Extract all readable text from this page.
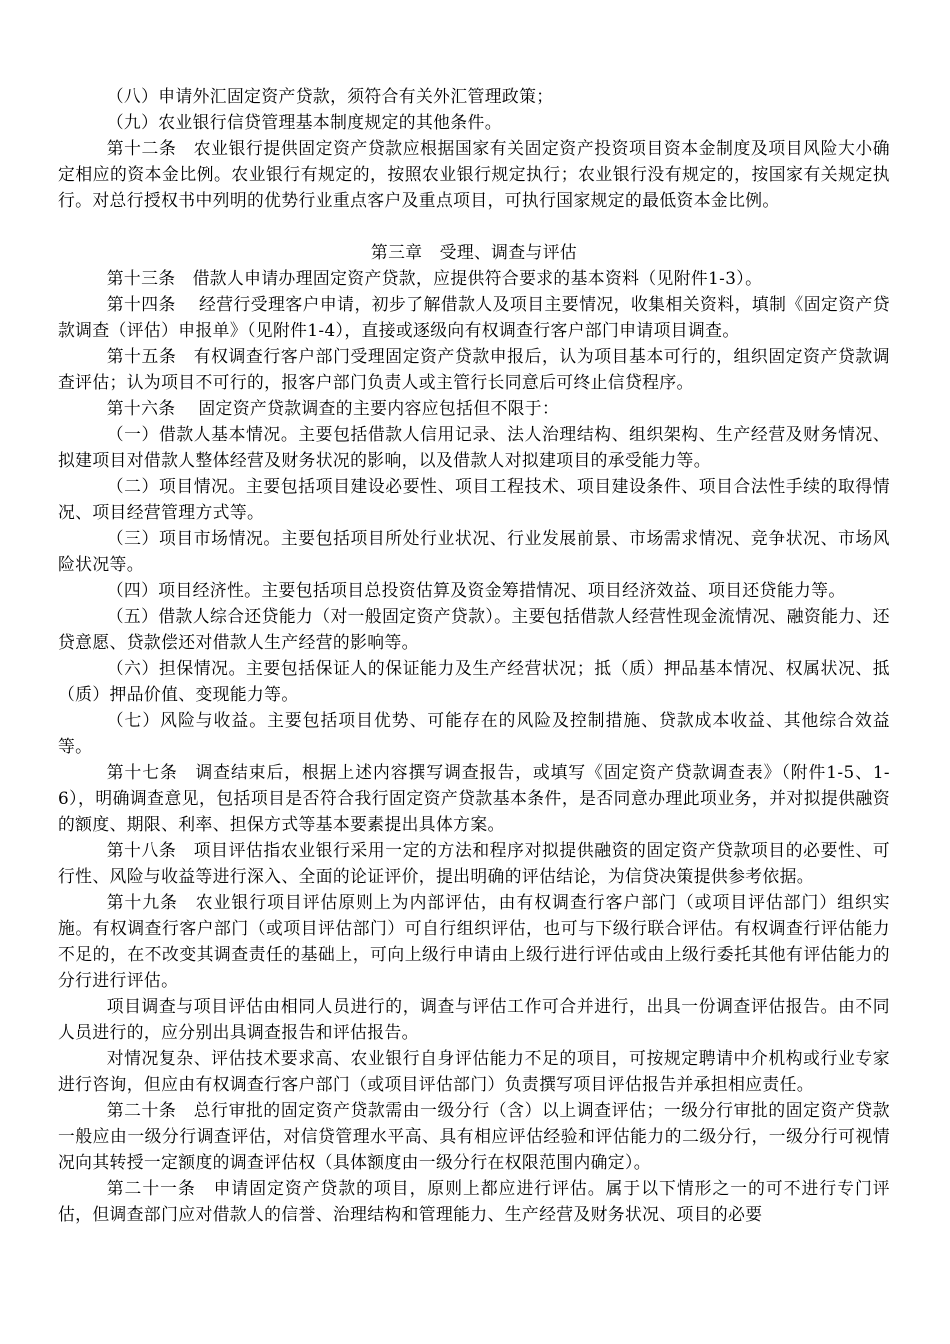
（八）申请外汇固定资产贷款，须符合有关外汇管理政策；

（九）农业银行信贷管理基本制度规定的其他条件。

第十二条　农业银行提供固定资产贷款应根据国家有关固定资产投资项目资本金制度及项目风险大小确定相应的资本金比例。农业银行有规定的，按照农业银行规定执行；农业银行没有规定的，按国家有关规定执行。对总行授权书中列明的优势行业重点客户及重点项目，可执行国家规定的最低资本金比例。

第三章　受理、调查与评估

第十三条　借款人申请办理固定资产贷款，应提供符合要求的基本资料（见附件1-3）。

第十四条　 经营行受理客户申请，初步了解借款人及项目主要情况，收集相关资料，填制《固定资产贷款调查（评估）申报单》（见附件1-4），直接或逐级向有权调查行客户部门申请项目调查。

第十五条　有权调查行客户部门受理固定资产贷款申报后，认为项目基本可行的，组织固定资产贷款调查评估；认为项目不可行的，报客户部门负责人或主管行长同意后可终止信贷程序。

第十六条　 固定资产贷款调查的主要内容应包括但不限于：

（一）借款人基本情况。主要包括借款人信用记录、法人治理结构、组织架构、生产经营及财务情况、拟建项目对借款人整体经营及财务状况的影响，以及借款人对拟建项目的承受能力等。

（二）项目情况。主要包括项目建设必要性、项目工程技术、项目建设条件、项目合法性手续的取得情况、项目经营管理方式等。

（三）项目市场情况。主要包括项目所处行业状况、行业发展前景、市场需求情况、竞争状况、市场风险状况等。

（四）项目经济性。主要包括项目总投资估算及资金筹措情况、项目经济效益、项目还贷能力等。

（五）借款人综合还贷能力（对一般固定资产贷款）。主要包括借款人经营性现金流情况、融资能力、还贷意愿、贷款偿还对借款人生产经营的影响等。

（六）担保情况。主要包括保证人的保证能力及生产经营状况；抵（质）押品基本情况、权属状况、抵（质）押品价值、变现能力等。

（七）风险与收益。主要包括项目优势、可能存在的风险及控制措施、贷款成本收益、其他综合效益等。

第十七条　调查结束后，根据上述内容撰写调查报告，或填写《固定资产贷款调查表》（附件1-5、1-6），明确调查意见，包括项目是否符合我行固定资产贷款基本条件，是否同意办理此项业务，并对拟提供融资的额度、期限、利率、担保方式等基本要素提出具体方案。

第十八条　项目评估指农业银行采用一定的方法和程序对拟提供融资的固定资产贷款项目的必要性、可行性、风险与收益等进行深入、全面的论证评价，提出明确的评估结论，为信贷决策提供参考依据。

第十九条　农业银行项目评估原则上为内部评估，由有权调查行客户部门（或项目评估部门）组织实施。有权调查行客户部门（或项目评估部门）可自行组织评估，也可与下级行联合评估。有权调查行评估能力不足的，在不改变其调查责任的基础上，可向上级行申请由上级行进行评估或由上级行委托其他有评估能力的分行进行评估。

项目调查与项目评估由相同人员进行的，调查与评估工作可合并进行，出具一份调查评估报告。由不同人员进行的，应分别出具调查报告和评估报告。

对情况复杂、评估技术要求高、农业银行自身评估能力不足的项目，可按规定聘请中介机构或行业专家进行咨询，但应由有权调查行客户部门（或项目评估部门）负责撰写项目评估报告并承担相应责任。

第二十条　总行审批的固定资产贷款需由一级分行（含）以上调查评估；一级分行审批的固定资产贷款一般应由一级分行调查评估，对信贷管理水平高、具有相应评估经验和评估能力的二级分行，一级分行可视情况向其转授一定额度的调查评估权（具体额度由一级分行在权限范围内确定）。

第二十一条　申请固定资产贷款的项目，原则上都应进行评估。属于以下情形之一的可不进行专门评估，但调查部门应对借款人的信誉、治理结构和管理能力、生产经营及财务状况、项目的必要
